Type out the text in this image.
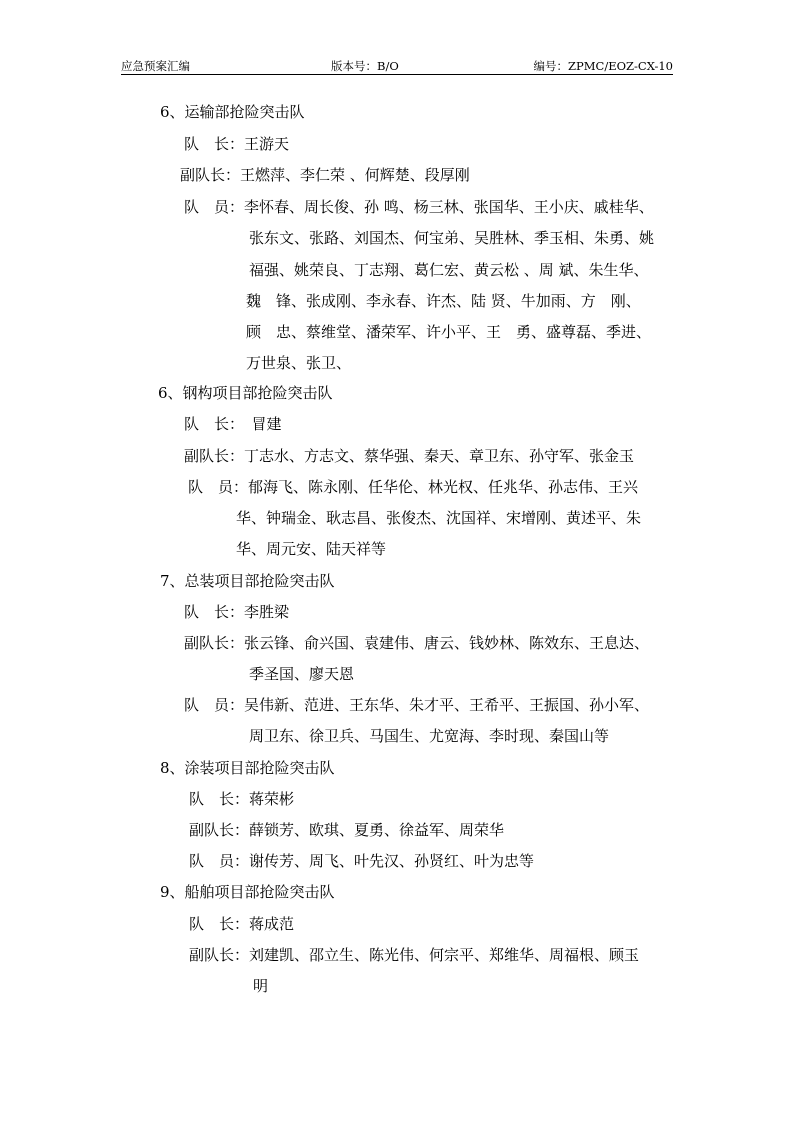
应急预案汇编	版本号：B/O	编号：ZPMC/EOZ-CX-10
6、运输部抢险突击队
队　长：王游天
副队长：王燃萍、李仁荣 、何辉楚、段厚刚
队　员：李怀春、周长俊、孙 鸣、杨三林、张国华、王小庆、戚桂华、
张东文、张路、刘国杰、何宝弟、吴胜林、季玉相、朱勇、姚
福强、姚荣良、丁志翔、葛仁宏、黄云松 、周 斌、朱生华、
魏　锋、张成刚、李永春、许杰、陆 贤、牛加雨、方　刚、
顾　忠、蔡维堂、潘荣军、许小平、王　勇、盛尊磊、季进、
万世泉、张卫、
6、钢构项目部抢险突击队
队　长：　冒建
副队长：丁志水、方志文、蔡华强、秦天、章卫东、孙守军、张金玉
队　员：郁海飞、陈永刚、任华伦、林光权、任兆华、孙志伟、王兴
华、钟瑞金、耿志昌、张俊杰、沈国祥、宋增刚、黄述平、朱
华、周元安、陆天祥等
7、总装项目部抢险突击队
队　长：李胜梁
副队长：张云锋、俞兴国、袁建伟、唐云、钱妙林、陈效东、王息达、
季圣国、廖天恩
队　员：吴伟新、范进、王东华、朱才平、王希平、王振国、孙小军、
周卫东、徐卫兵、马国生、尤宽海、李时现、秦国山等
8、涂装项目部抢险突击队
队　长：蒋荣彬
副队长：薛锁芳、欧琪、夏勇、徐益军、周荣华
队　员：谢传芳、周飞、叶先汉、孙贤红、叶为忠等
9、船舶项目部抢险突击队
队　长：蒋成范
副队长：刘建凯、邵立生、陈光伟、何宗平、郑维华、周福根、顾玉
明
